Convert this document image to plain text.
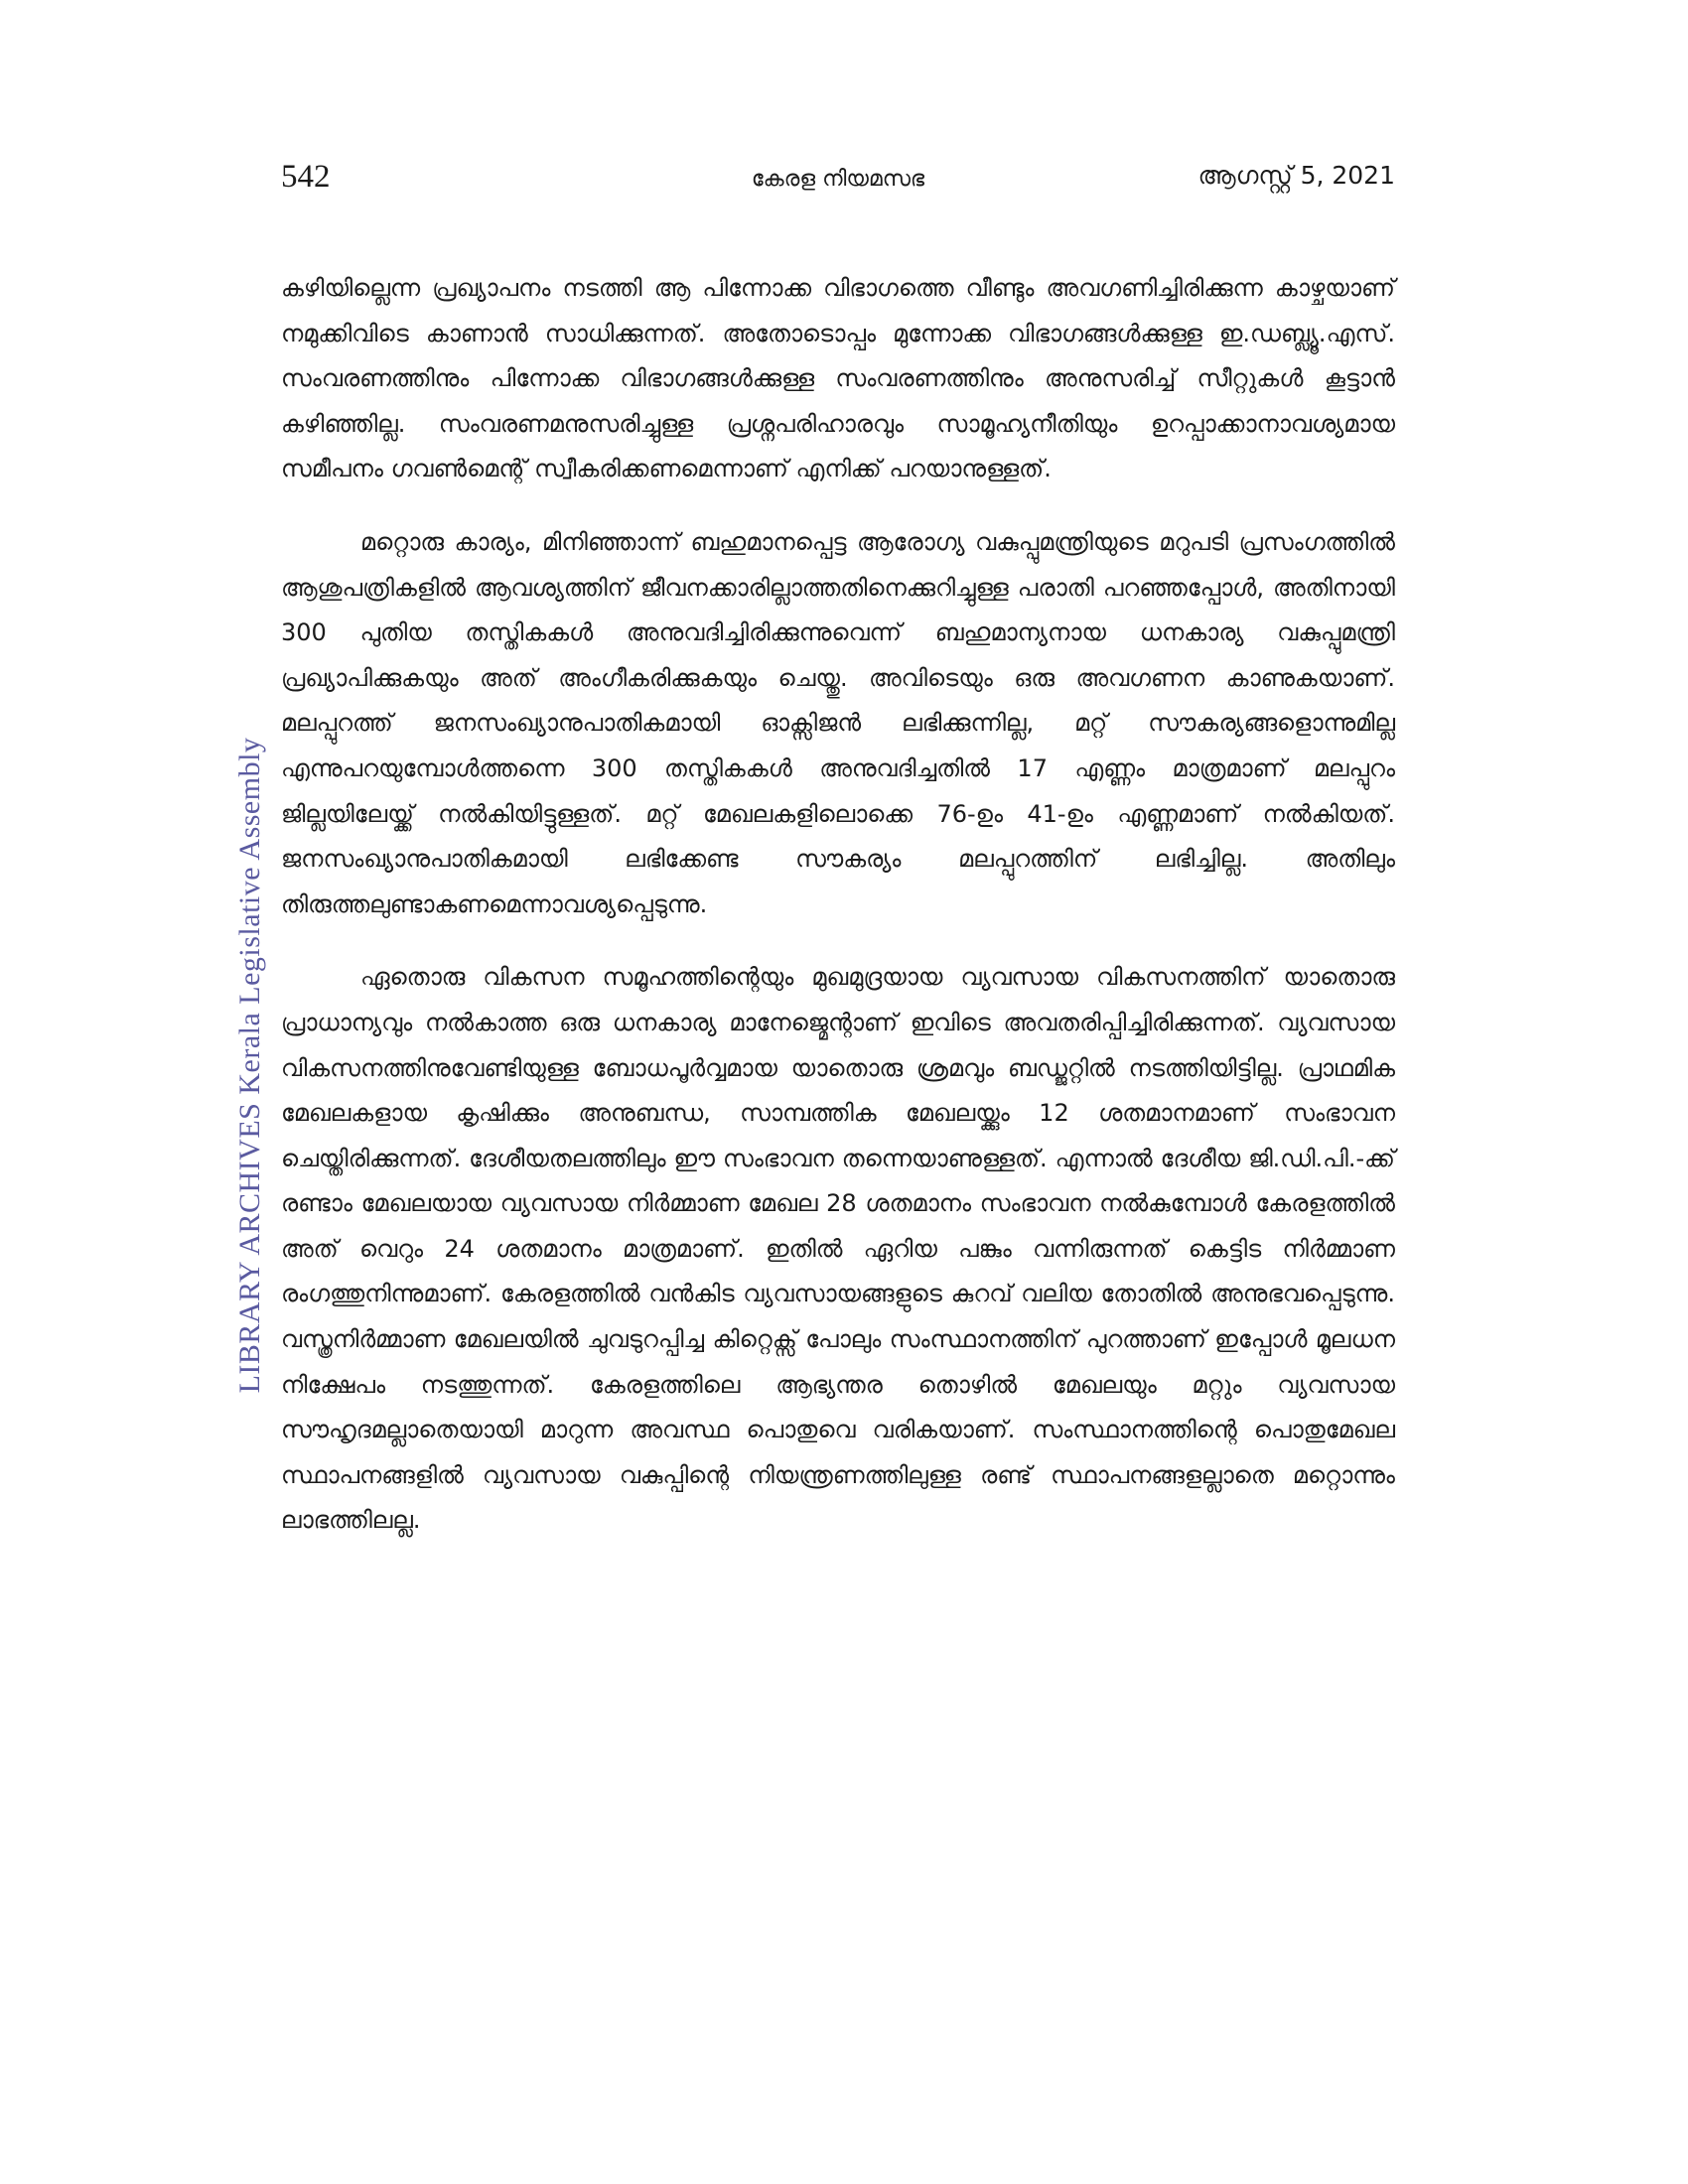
542	കേരള നിയമസഭ	ആഗസ്റ്റ് 5, 2021
LIBRARY ARCHIVES Kerala Legislative Assembly

കഴിയില്ലെന്ന പ്രഖ്യാപനം നടത്തി ആ പിന്നോക്ക വിഭാഗത്തെ വീണ്ടും അവഗണിച്ചിരിക്കുന്ന കാഴ്ചയാണ് നമുക്കിവിടെ കാണാൻ സാധിക്കുന്നത്. അതോടൊപ്പം മുന്നോക്ക വിഭാഗങ്ങൾക്കുള്ള ഇ.ഡബ്ല്യൂ.എസ്. സംവരണത്തിനും പിന്നോക്ക വിഭാഗങ്ങൾക്കുള്ള സംവരണത്തിനും അനുസരിച്ച് സീറ്റുകൾ കൂട്ടാൻ കഴിഞ്ഞില്ല. സംവരണമനുസരിച്ചുള്ള പ്രശ്നപരിഹാരവും സാമൂഹ്യനീതിയും ഉറപ്പാക്കാനാവശ്യമായ സമീപനം ഗവൺമെന്റ് സ്വീകരിക്കണമെന്നാണ് എനിക്ക് പറയാനുള്ളത്.

മറ്റൊരു കാര്യം, മിനിഞ്ഞാന്ന് ബഹുമാനപ്പെട്ട ആരോഗ്യ വകുപ്പുമന്ത്രിയുടെ മറുപടി പ്രസംഗത്തിൽ ആശുപത്രികളിൽ ആവശ്യത്തിന് ജീവനക്കാരില്ലാത്തതിനെക്കുറിച്ചുള്ള പരാതി പറഞ്ഞപ്പോൾ, അതിനായി 300 പുതിയ തസ്തികകൾ അനുവദിച്ചിരിക്കുന്നുവെന്ന് ബഹുമാന്യനായ ധനകാര്യ വകുപ്പുമന്ത്രി പ്രഖ്യാപിക്കുകയും അത് അംഗീകരിക്കുകയും ചെയ്തു. അവിടെയും ഒരു അവഗണന കാണുകയാണ്. മലപ്പുറത്ത് ജനസംഖ്യാനുപാതികമായി ഓക്സിജൻ ലഭിക്കുന്നില്ല, മറ്റ് സൗകര്യങ്ങളൊന്നുമില്ല എന്നുപറയുമ്പോൾത്തന്നെ 300 തസ്തികകൾ അനുവദിച്ചതിൽ 17 എണ്ണം മാത്രമാണ് മലപ്പുറം ജില്ലയിലേയ്ക്ക് നൽകിയിട്ടുള്ളത്. മറ്റ് മേഖലകളിലൊക്കെ 76-ഉം 41-ഉം എണ്ണമാണ് നൽകിയത്. ജനസംഖ്യാനുപാതികമായി ലഭിക്കേണ്ട സൗകര്യം മലപ്പുറത്തിന് ലഭിച്ചില്ല. അതിലും തിരുത്തലുണ്ടാകണമെന്നാവശ്യപ്പെടുന്നു.

ഏതൊരു വികസന സമൂഹത്തിന്റെയും മുഖമുദ്രയായ വ്യവസായ വികസനത്തിന് യാതൊരു പ്രാധാന്യവും നൽകാത്ത ഒരു ധനകാര്യ മാനേജ്മെന്റാണ് ഇവിടെ അവതരിപ്പിച്ചിരിക്കുന്നത്. വ്യവസായ വികസനത്തിനുവേണ്ടിയുള്ള ബോധപൂർവ്വമായ യാതൊരു ശ്രമവും ബഡ്ജറ്റിൽ നടത്തിയിട്ടില്ല. പ്രാഥമിക മേഖലകളായ കൃഷിക്കും അനുബന്ധ, സാമ്പത്തിക മേഖലയ്ക്കും 12 ശതമാനമാണ് സംഭാവന ചെയ്തിരിക്കുന്നത്. ദേശീയതലത്തിലും ഈ സംഭാവന തന്നെയാണുള്ളത്. എന്നാൽ ദേശീയ ജി.ഡി.പി.-ക്ക് രണ്ടാം മേഖലയായ വ്യവസായ നിർമ്മാണ മേഖല 28 ശതമാനം സംഭാവന നൽകുമ്പോൾ കേരളത്തിൽ അത് വെറും 24 ശതമാനം മാത്രമാണ്. ഇതിൽ ഏറിയ പങ്കും വന്നിരുന്നത് കെട്ടിട നിർമ്മാണ രംഗത്തുനിന്നുമാണ്. കേരളത്തിൽ വൻകിട വ്യവസായങ്ങളുടെ കുറവ് വലിയ തോതിൽ അനുഭവപ്പെടുന്നു. വസ്ത്രനിർമ്മാണ മേഖലയിൽ ചുവടുറപ്പിച്ച കിറ്റെക്സ് പോലും സംസ്ഥാനത്തിന് പുറത്താണ് ഇപ്പോൾ മൂലധന നിക്ഷേപം നടത്തുന്നത്. കേരളത്തിലെ ആഭ്യന്തര തൊഴിൽ മേഖലയും മറ്റും വ്യവസായ സൗഹൃദമല്ലാതെയായി മാറുന്ന അവസ്ഥ പൊതുവെ വരികയാണ്. സംസ്ഥാനത്തിന്റെ പൊതുമേഖല സ്ഥാപനങ്ങളിൽ വ്യവസായ വകുപ്പിന്റെ നിയന്ത്രണത്തിലുള്ള രണ്ട് സ്ഥാപനങ്ങളല്ലാതെ മറ്റൊന്നും ലാഭത്തിലല്ല.
